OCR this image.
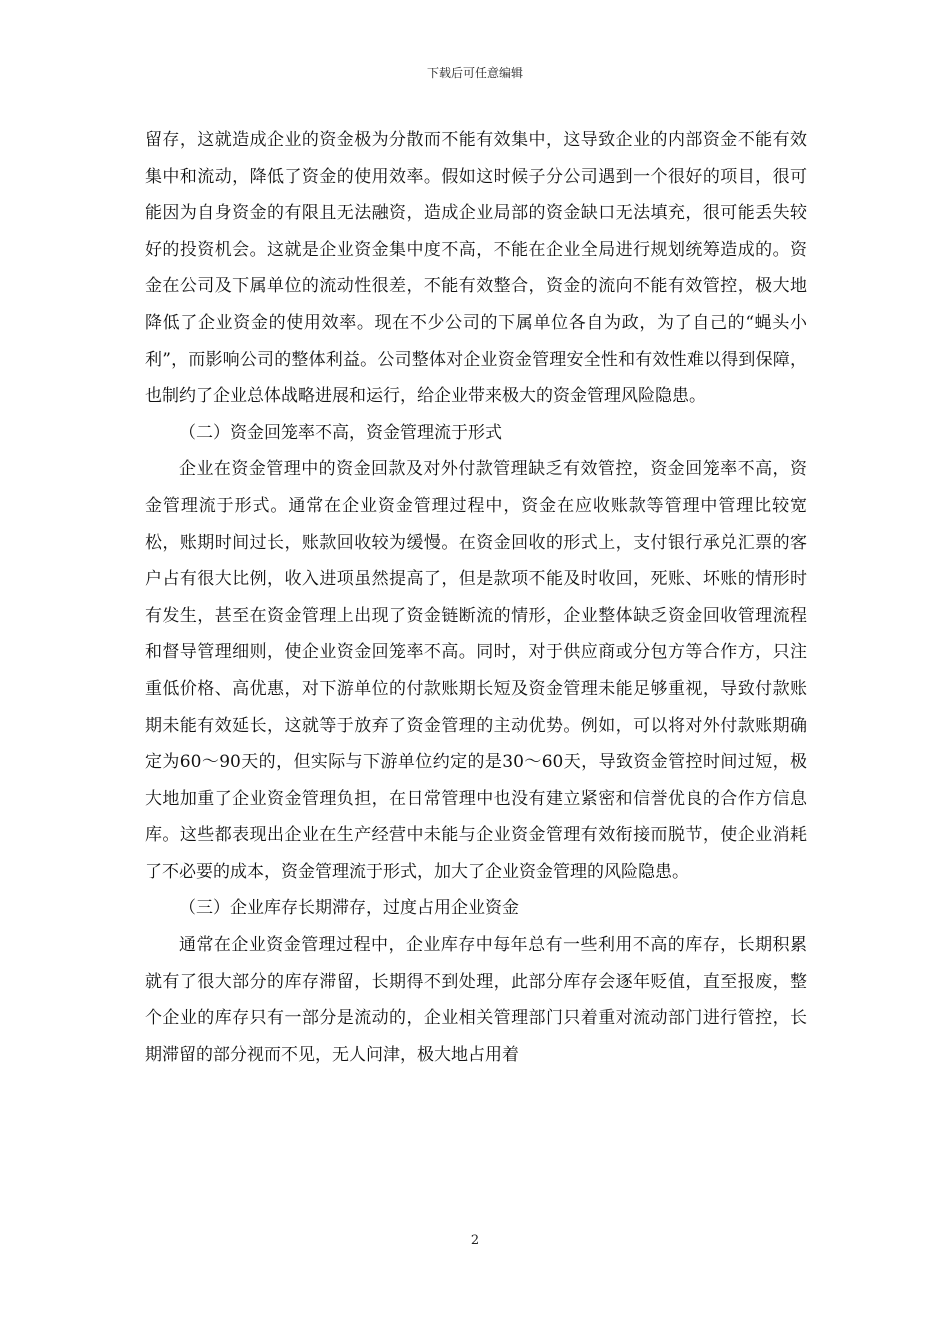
下载后可任意编辑

留存，这就造成企业的资金极为分散而不能有效集中，这导致企业的内部资金不能有效集中和流动，降低了资金的使用效率。假如这时候子分公司遇到一个很好的项目，很可能因为自身资金的有限且无法融资，造成企业局部的资金缺口无法填充，很可能丢失较好的投资机会。这就是企业资金集中度不高，不能在企业全局进行规划统筹造成的。资金在公司及下属单位的流动性很差，不能有效整合，资金的流向不能有效管控，极大地降低了企业资金的使用效率。现在不少公司的下属单位各自为政，为了自己的“蝇头小利”，而影响公司的整体利益。公司整体对企业资金管理安全性和有效性难以得到保障，也制约了企业总体战略进展和运行，给企业带来极大的资金管理风险隐患。

（二）资金回笼率不高，资金管理流于形式

企业在资金管理中的资金回款及对外付款管理缺乏有效管控，资金回笼率不高，资金管理流于形式。通常在企业资金管理过程中，资金在应收账款等管理中管理比较宽松，账期时间过长，账款回收较为缓慢。在资金回收的形式上，支付银行承兑汇票的客户占有很大比例，收入进项虽然提高了，但是款项不能及时收回，死账、坏账的情形时有发生，甚至在资金管理上出现了资金链断流的情形，企业整体缺乏资金回收管理流程和督导管理细则，使企业资金回笼率不高。同时，对于供应商或分包方等合作方，只注重低价格、高优惠，对下游单位的付款账期长短及资金管理未能足够重视，导致付款账期未能有效延长，这就等于放弃了资金管理的主动优势。例如，可以将对外付款账期确定为60～90天的，但实际与下游单位约定的是30～60天，导致资金管控时间过短，极大地加重了企业资金管理负担，在日常管理中也没有建立紧密和信誉优良的合作方信息库。这些都表现出企业在生产经营中未能与企业资金管理有效衔接而脱节，使企业消耗了不必要的成本，资金管理流于形式，加大了企业资金管理的风险隐患。

（三）企业库存长期滞存，过度占用企业资金

通常在企业资金管理过程中，企业库存中每年总有一些利用不高的库存，长期积累就有了很大部分的库存滞留，长期得不到处理，此部分库存会逐年贬值，直至报废，整个企业的库存只有一部分是流动的，企业相关管理部门只着重对流动部门进行管控，长期滞留的部分视而不见，无人问津，极大地占用着

2
